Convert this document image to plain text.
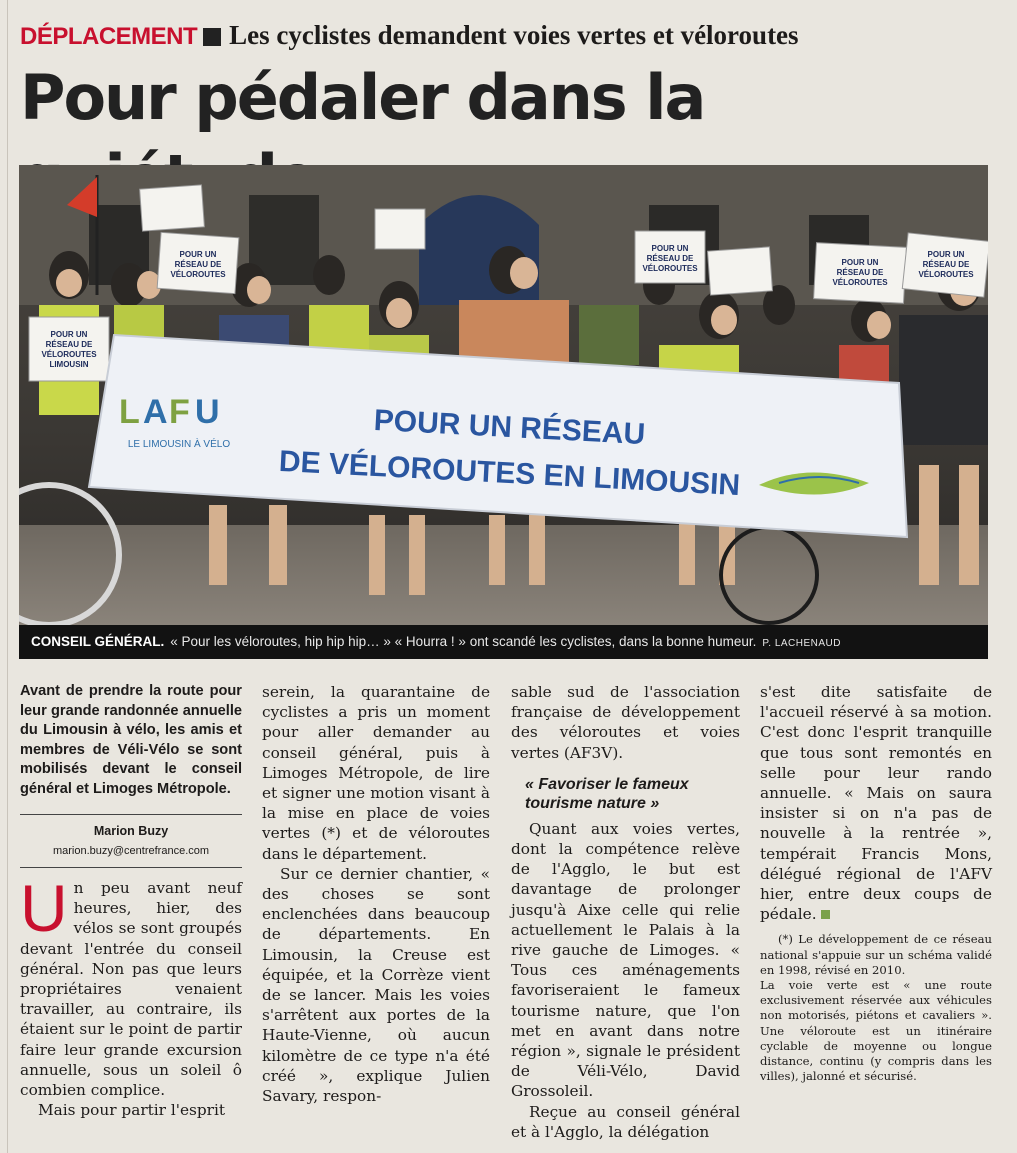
DÉPLACEMENT Les cyclistes demandent voies vertes et véloroutes
Pour pédaler dans la
POUR UN
RÉSEAU DE
VÉLOROUTES
POUR UN
RÉSEAU DE
VÉLOROUTES
POUR UN
RÉSEAU DE
VÉLOROUTES
POUR UN
RÉSEAU DE
VÉLOROUTES
POUR UN
RÉSEAU DE
VÉLOROUTES
LIMOUSIN
L A F U
LE LIMOUSIN À VÉLO	POUR UN RÉSEAU
DE VÉLOROUTES EN LIMOUSIN
CONSEIL GÉNÉRAL. « Pour les véloroutes, hip hip hip… » « Hourra ! » ont scandé les cyclistes, dans la bonne humeur. P. LACHENAUD

Avant de prendre la route pour leur grande randonnée annuelle du Limousin à vélo, les amis et membres de Véli-Vélo se sont mobilisés devant le conseil général et Limoges Métropole.

Marion Buzy

marion.buzy@centrefrance.com

Un peu avant neuf heures, hier, des vélos se sont groupés devant l'entrée du conseil général. Non pas que leurs propriétaires venaient travailler, au contraire, ils étaient sur le point de partir faire leur grande excursion annuelle, sous un soleil ô combien complice.

Mais pour partir l'esprit

serein, la quarantaine de cyclistes a pris un moment pour aller demander au conseil général, puis à Limoges Métropole, de lire et signer une motion visant à la mise en place de voies vertes (*) et de véloroutes dans le département.

Sur ce dernier chantier, « des choses se sont enclenchées dans beaucoup de départements. En Limousin, la Creuse est équipée, et la Corrèze vient de se lancer. Mais les voies s'arrêtent aux portes de la Haute-Vienne, où aucun kilomètre de ce type n'a été créé », explique Julien Savary, respon-

sable sud de l'association française de développement des véloroutes et voies vertes (AF3V).

« Favoriser le fameux tourisme nature »

Quant aux voies vertes, dont la compétence relève de l'Agglo, le but est davantage de prolonger jusqu'à Aixe celle qui relie actuellement le Palais à la rive gauche de Limoges. « Tous ces aménagements favoriseraient le fameux tourisme nature, que l'on met en avant dans notre région », signale le président de Véli-Vélo, David Grossoleil.

Reçue au conseil général et à l'Agglo, la délégation

s'est dite satisfaite de l'accueil réservé à sa motion. C'est donc l'esprit tranquille que tous sont remontés en selle pour leur rando annuelle. « Mais on saura insister si on n'a pas de nouvelle à la rentrée », tempérait Francis Mons, délégué régional de l'AFV hier, entre deux coups de pédale.

(*) Le développement de ce réseau national s'appuie sur un schéma validé en 1998, révisé en 2010.

La voie verte est « une route exclusivement réservée aux véhicules non motorisés, piétons et cavaliers ». Une véloroute est un itinéraire cyclable de moyenne ou longue distance, continu (y compris dans les villes), jalonné et sécurisé.
